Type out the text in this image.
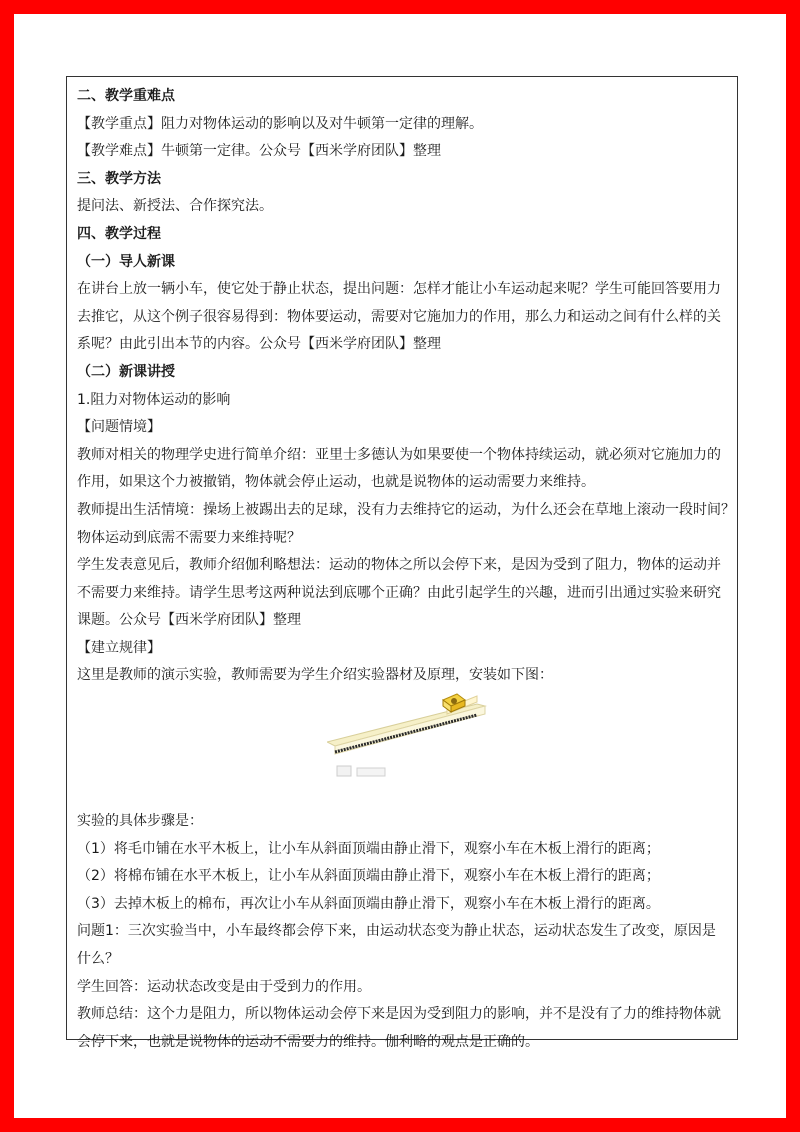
二、教学重难点
【教学重点】阻力对物体运动的影响以及对牛顿第一定律的理解。
【教学难点】牛顿第一定律。公众号【西米学府团队】整理
三、教学方法
提问法、新授法、合作探究法。
四、教学过程
（一）导人新课
在讲台上放一辆小车，使它处于静止状态，提出问题：怎样才能让小车运动起来呢？学生可能回答要用力
去推它，从这个例子很容易得到：物体要运动，需要对它施加力的作用，那么力和运动之间有什么样的关
系呢？由此引出本节的内容。公众号【西米学府团队】整理
（二）新课讲授
1.阻力对物体运动的影响
【问题情境】
教师对相关的物理学史进行简单介绍：亚里士多德认为如果要使一个物体持续运动，就必须对它施加力的
作用，如果这个力被撤销，物体就会停止运动，也就是说物体的运动需要力来维持。
教师提出生活情境：操场上被踢出去的足球，没有力去维持它的运动，为什么还会在草地上滚动一段时间？
物体运动到底需不需要力来维持呢？
学生发表意见后，教师介绍伽利略想法：运动的物体之所以会停下来，是因为受到了阻力，物体的运动并
不需要力来维持。请学生思考这两种说法到底哪个正确？由此引起学生的兴趣，进而引出通过实验来研究
课题。公众号【西米学府团队】整理
【建立规律】
这里是教师的演示实验，教师需要为学生介绍实验器材及原理，安装如下图：
实验的具体步骤是：
（1）将毛巾铺在水平木板上，让小车从斜面顶端由静止滑下，观察小车在木板上滑行的距离；
（2）将棉布铺在水平木板上，让小车从斜面顶端由静止滑下，观察小车在木板上滑行的距离；
（3）去掉木板上的棉布，再次让小车从斜面顶端由静止滑下，观察小车在木板上滑行的距离。
问题1：三次实验当中，小车最终都会停下来，由运动状态变为静止状态，运动状态发生了改变，原因是
什么？
学生回答：运动状态改变是由于受到力的作用。
教师总结：这个力是阻力，所以物体运动会停下来是因为受到阻力的影响，并不是没有了力的维持物体就
会停下来，也就是说物体的运动不需要力的维持。伽利略的观点是正确的。
